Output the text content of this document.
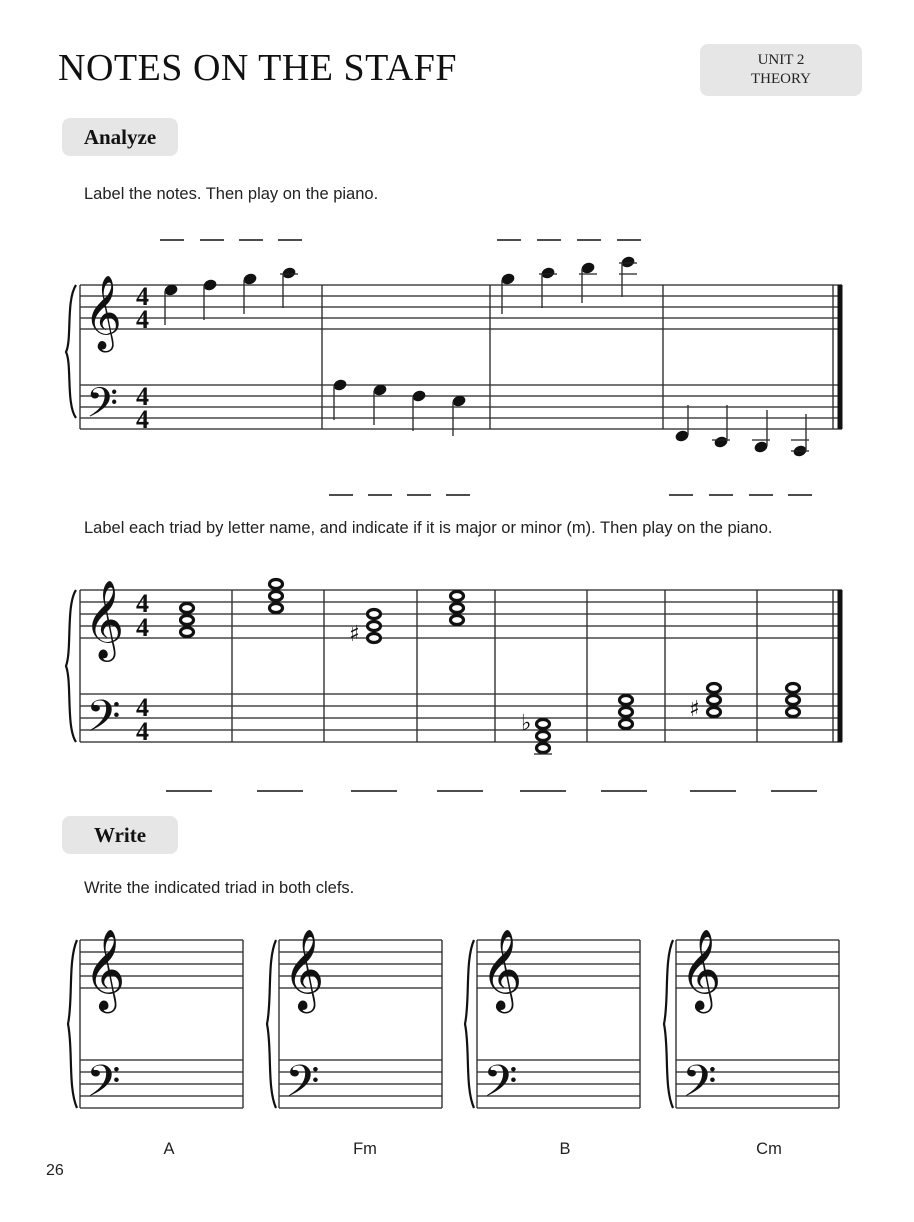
NOTES ON THE STAFF	UNIT 2
THEORY
Analyze
Write

Label the notes. Then play on the piano.

Label each triad by letter name, and indicate if it is major or minor (m). Then play on the piano.

Write the indicated triad in both clefs.

𝄞
𝄢
4
4
4
4
𝄞
𝄢
4
4
4
4
♯
♭
♯
𝄞
𝄢
𝄞
𝄢
𝄞
𝄢
𝄞
𝄢
A	Fm	B	Cm
26
